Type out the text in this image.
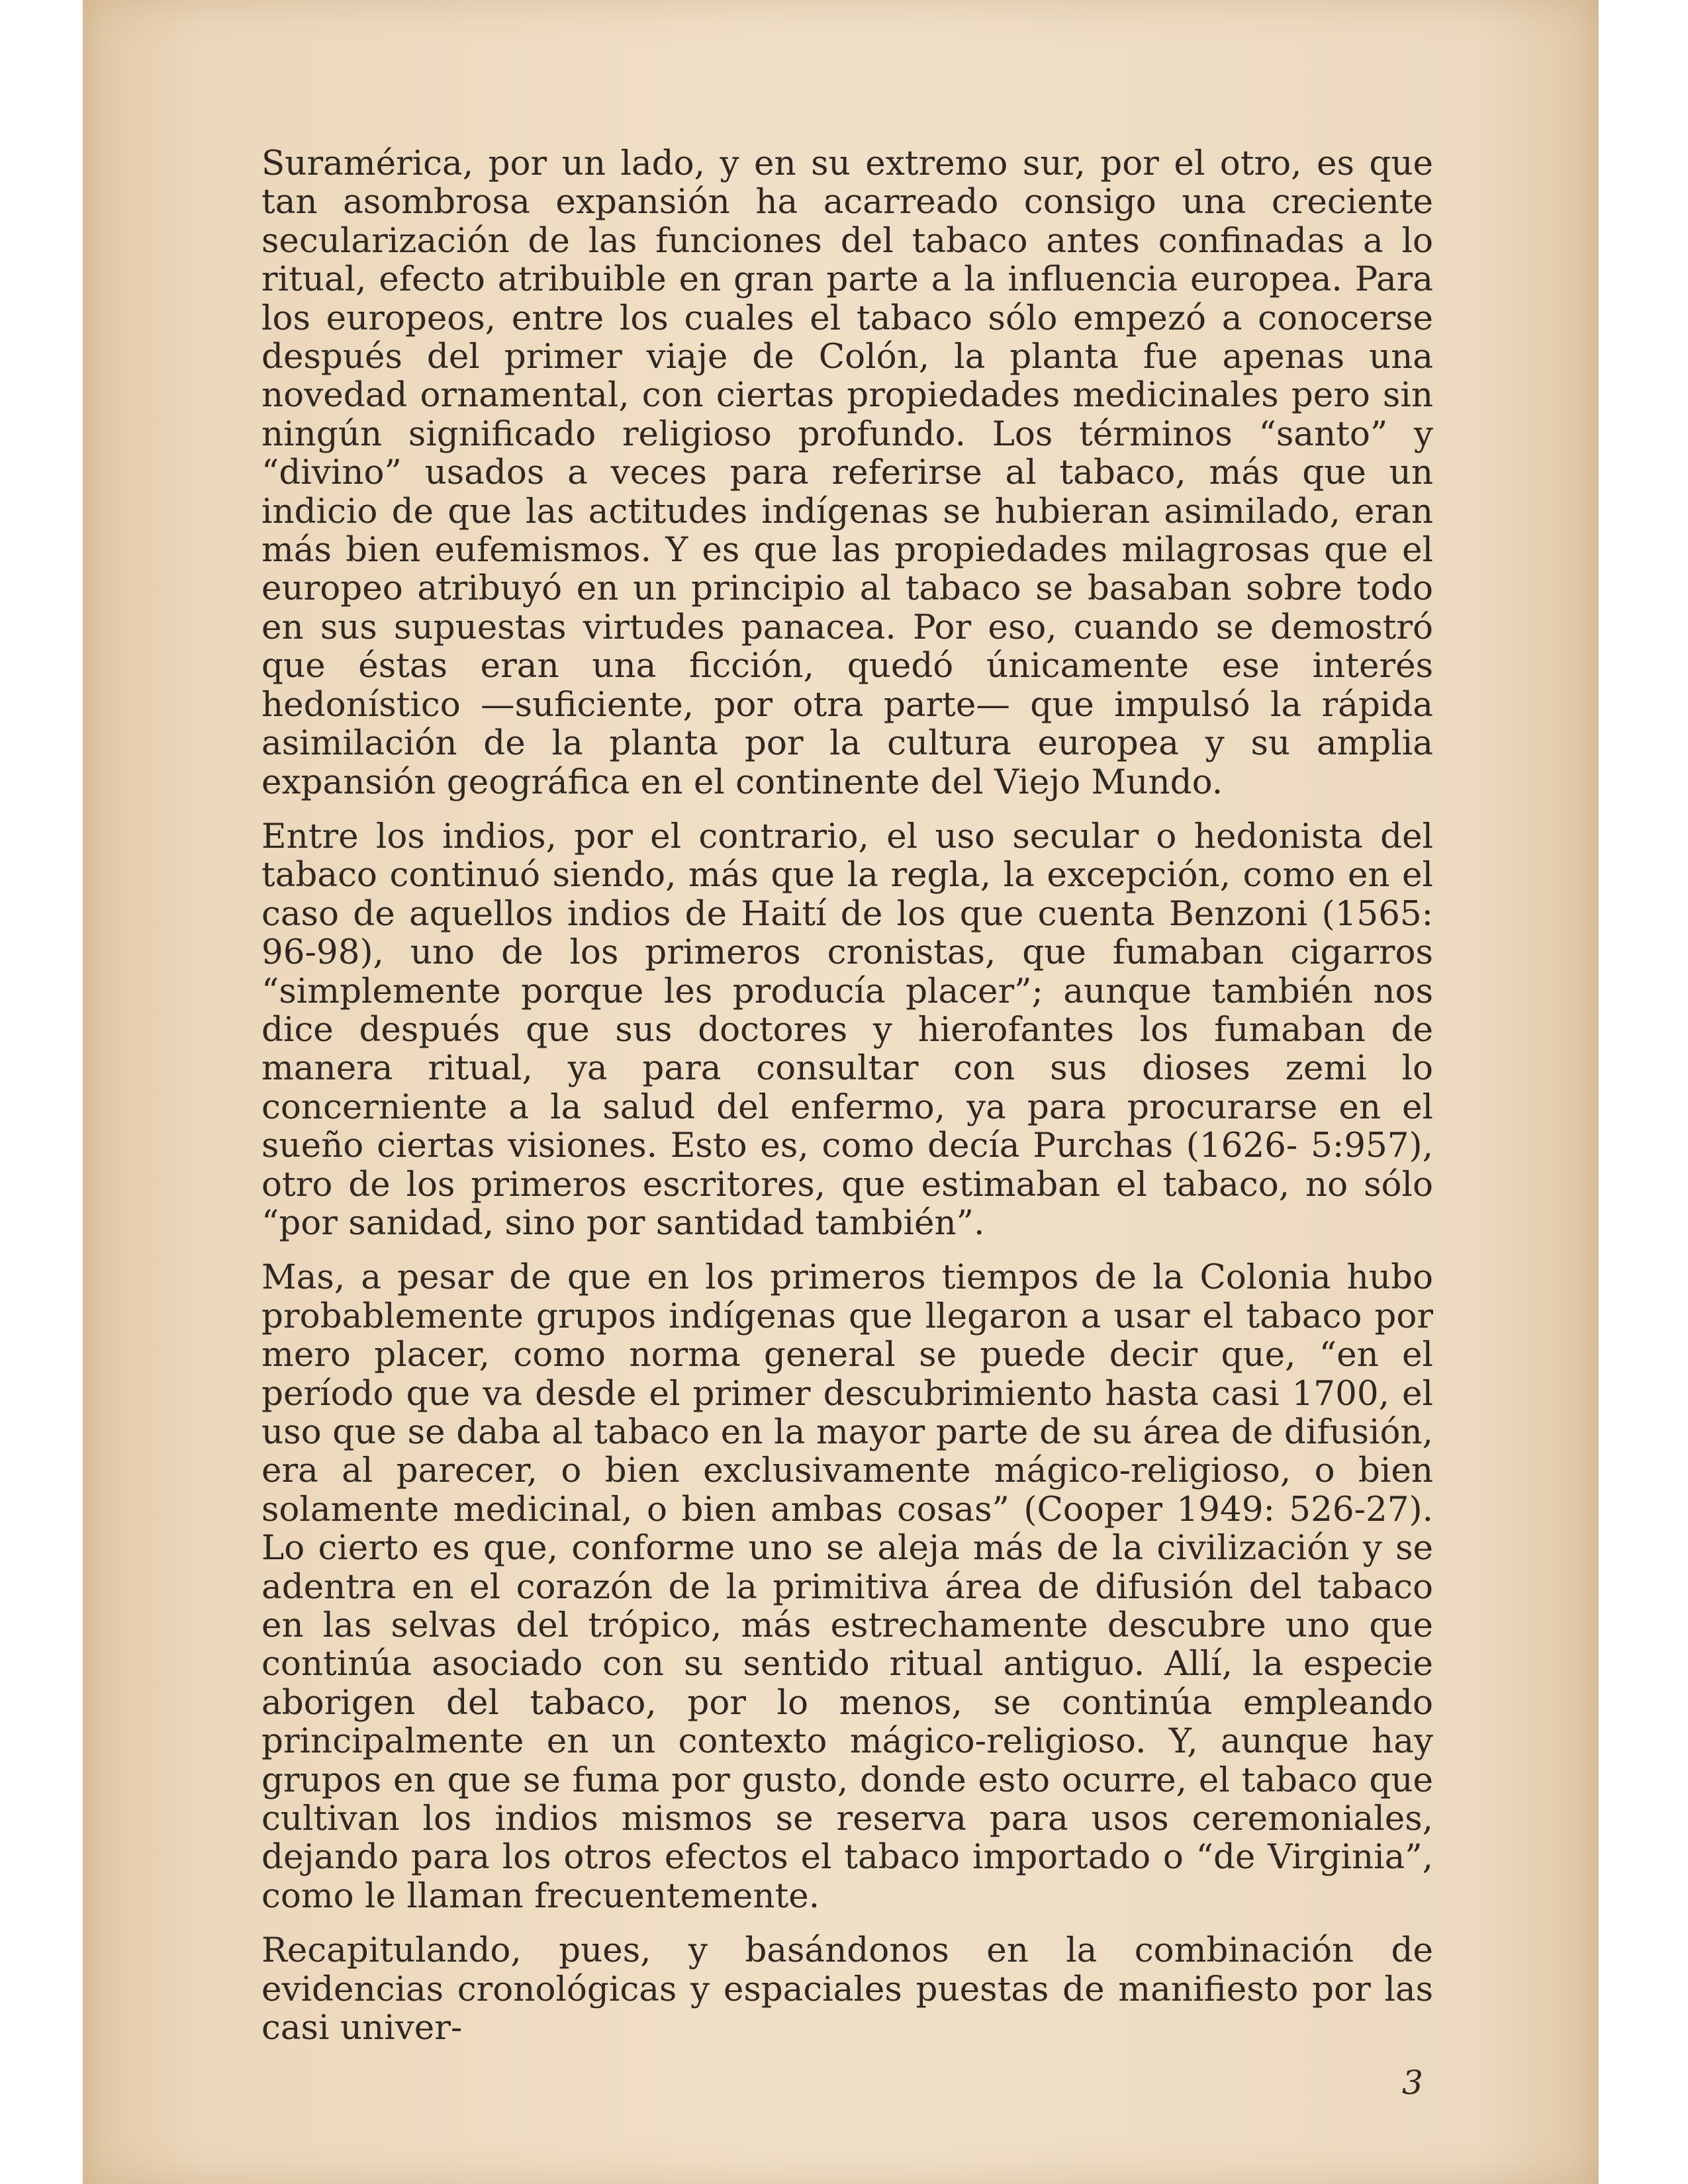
Suramérica, por un lado, y en su extremo sur, por el otro, es que tan asombrosa expansión ha acarreado consigo una creciente secularización de las funciones del tabaco antes confinadas a lo ritual, efecto atribuible en gran parte a la influencia europea. Para los europeos, entre los cuales el tabaco sólo empezó a conocerse después del primer viaje de Colón, la planta fue apenas una novedad ornamental, con ciertas propiedades medicinales pero sin ningún significado religioso profundo. Los términos “santo” y “divino” usados a veces para referirse al tabaco, más que un indicio de que las actitudes indígenas se hubieran asimilado, eran más bien eufemismos. Y es que las propiedades milagrosas que el europeo atribuyó en un principio al tabaco se basaban sobre todo en sus supuestas virtudes panacea. Por eso, cuando se demostró que éstas eran una ficción, quedó únicamente ese interés hedonístico —suficiente, por otra parte— que impulsó la rápida asimilación de la planta por la cultura europea y su amplia expansión geográfica en el continente del Viejo Mundo.

Entre los indios, por el contrario, el uso secular o hedonista del tabaco continuó siendo, más que la regla, la excepción, como en el caso de aquellos indios de Haití de los que cuenta Benzoni (1565: 96-98), uno de los primeros cronistas, que fumaban cigarros “simplemente porque les producía placer”; aunque también nos dice después que sus doctores y hierofantes los fumaban de manera ritual, ya para consultar con sus dioses zemi lo concerniente a la salud del enfermo, ya para procurarse en el sueño ciertas visiones. Esto es, como decía Purchas (1626- 5:957), otro de los primeros escritores, que estimaban el tabaco, no sólo “por sanidad, sino por santidad también”.

Mas, a pesar de que en los primeros tiempos de la Colonia hubo probablemente grupos indígenas que llegaron a usar el tabaco por mero placer, como norma general se puede decir que, “en el período que va desde el primer descubrimiento hasta casi 1700, el uso que se daba al tabaco en la mayor parte de su área de difusión, era al parecer, o bien exclusivamente mágico-religioso, o bien solamente medicinal, o bien ambas cosas” (Cooper 1949: 526-27). Lo cierto es que, conforme uno se aleja más de la civilización y se adentra en el corazón de la primitiva área de difusión del tabaco en las selvas del trópico, más estrechamente descubre uno que continúa asociado con su sentido ritual antiguo. Allí, la especie aborigen del tabaco, por lo menos, se continúa empleando principalmente en un contexto mágico-religioso. Y, aunque hay grupos en que se fuma por gusto, donde esto ocurre, el tabaco que cultivan los indios mismos se reserva para usos ceremoniales, dejando para los otros efectos el tabaco importado o “de Virginia”, como le llaman frecuentemente.

Recapitulando, pues, y basándonos en la combinación de evidencias cronológicas y espaciales puestas de manifiesto por las casi univer-

3
